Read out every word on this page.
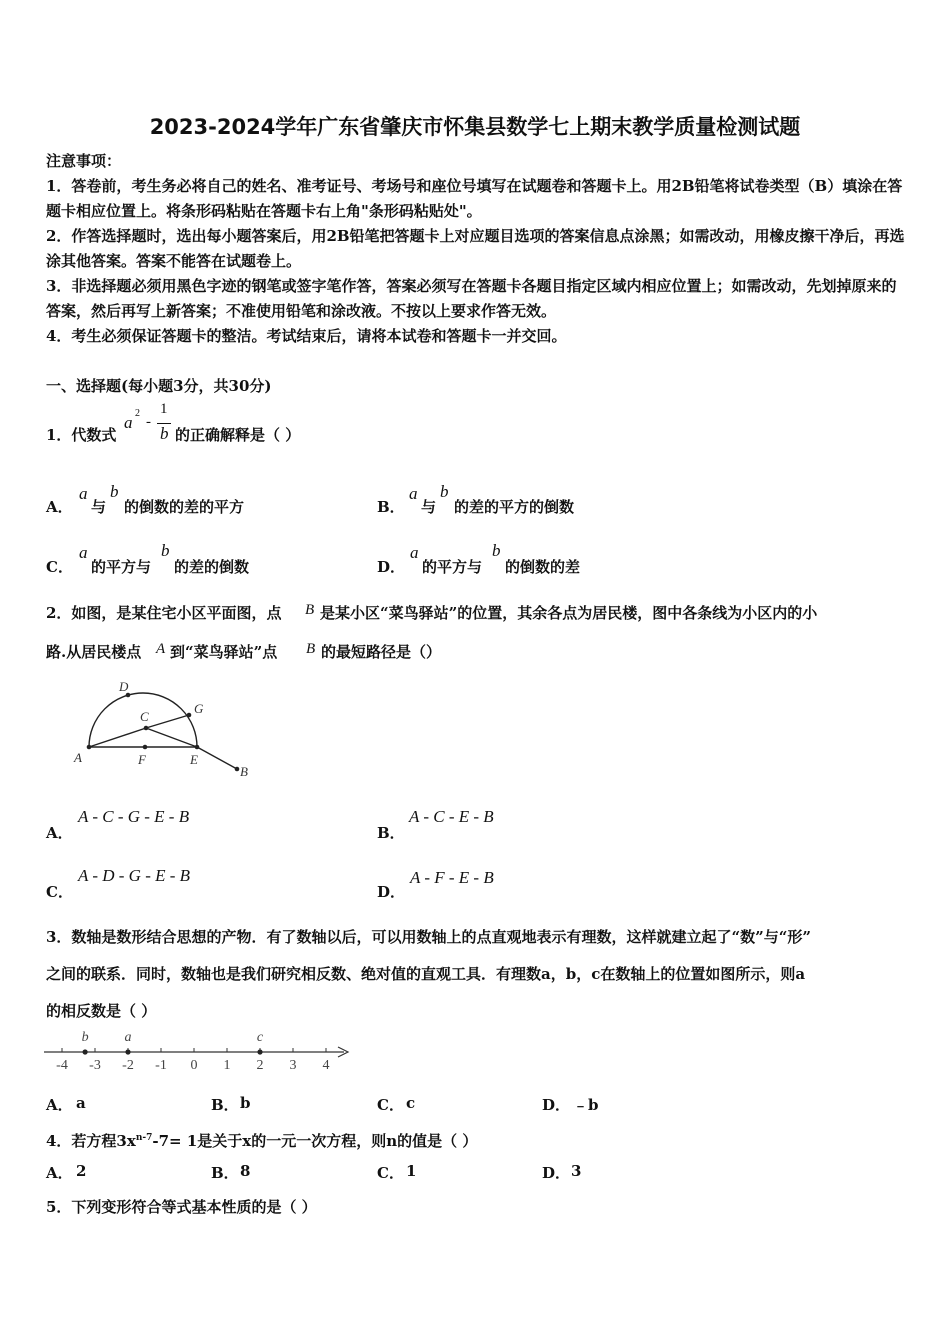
2023-2024学年广东省肇庆市怀集县数学七上期末教学质量检测试题

注意事项：

1．答卷前，考生务必将自己的姓名、准考证号、考场号和座位号填写在试题卷和答题卡上。用2B铅笔将试卷类型（B）填涂在答题卡相应位置上。将条形码粘贴在答题卡右上角"条形码粘贴处"。

2．作答选择题时，选出每小题答案后，用2B铅笔把答题卡上对应题目选项的答案信息点涂黑；如需改动，用橡皮擦干净后，再选涂其他答案。答案不能答在试题卷上。

3．非选择题必须用黑色字迹的钢笔或签字笔作答，答案必须写在答题卡各题目指定区域内相应位置上；如需改动，先划掉原来的答案，然后再写上新答案；不准使用铅笔和涂改液。不按以上要求作答无效。

4．考生必须保证答题卡的整洁。考试结束后，请将本试卷和答题卡一并交回。

一、选择题(每小题3分，共30分)
1．代数式
a 2
-
1
b 的正确解释是（ ）
A．
a
与
b
的倒数的差的平方	B．
a
与
b
的差的平方的倒数
C．
a
的平方与
b
的差的倒数	D．
a
的平方与
b
的倒数的差
2．如图，是某住宅小区平面图，点 B 是某小区“菜鸟驿站”的位置，其余各点为居民楼，图中各条线为小区内的小
路.从居民楼点 A 到“菜鸟驿站”点 B 的最短路径是（）
D
G
C
A	F	E
B
A．
A - C - G - E - B
B．
A - C - E - B
C．
A - D - G - E - B
D．
A - F - E - B
3．数轴是数形结合思想的产物．有了数轴以后，可以用数轴上的点直观地表示有理数，这样就建立起了“数”与“形”
之间的联系．同时，数轴也是我们研究相反数、绝对值的直观工具．有理数a，b，c在数轴上的位置如图所示，则a
的相反数是（ ）
-4 -3 -2 -1 0 1 2 3 4
b	a	c
A． a	B． b	C． c	D． ﹣b
4．若方程$3x^{n-7}-7= 1$是关于x的一元一次方程，则n的值是（ ）
A． 2	B． 8	C． 1	D． 3
5．下列变形符合等式基本性质的是（ ）
